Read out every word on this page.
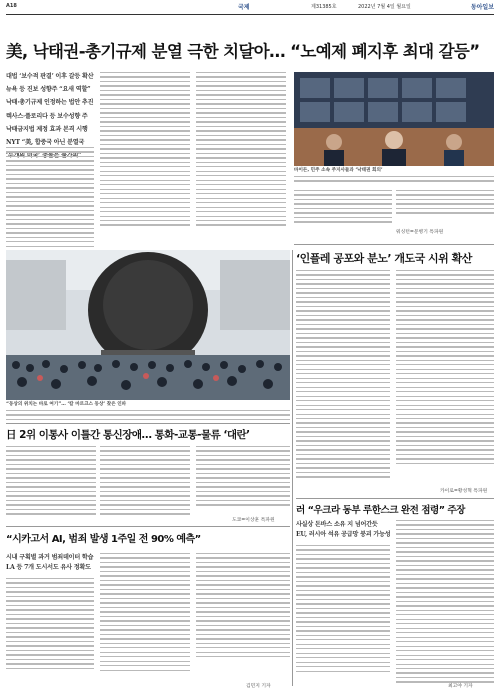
A18	국제	제31385호	2022년 7월 4일 월요일	동아일보
美, 낙태권-총기규제 분열 극한 치달아… “노예제 폐지후 최대 갈등”
대법 ‘보수적 판결’ 이후 갈등 확산
뉴욕 등 진보 성향주 “요새 역할”
낙태·총기규제 인정하는 법안 추진
텍사스·플로리다 등 보수성향 주
낙태금지법 제정 효과 본격 시행
NYT “美, 합중국 아닌 분열국
바이든, 민주 소속 주지사들과 ‘낙태권 회의’
워싱턴=문병기 특파원
“동상의 위치는 바로 여기”… ‘칼 마르크스 동상’ 찾은 인파
日 2위 이통사 이틀간 통신장애… 통화-교통-물류 ‘대란’
도쿄=이상훈 특파원
“시카고서 AI, 범죄 발생 1주일 전 90% 예측”
시내 구획별 과거 범죄데이터 학습
LA 등 7개 도시서도 유사 정확도
김민지 기자
‘인플레 공포와 분노’ 개도국 시위 확산
카이로=황성혁 특파원
러 “우크라 동부 루한스크 완전 점령” 주장
사실상 돈바스 소유 지 넘어간듯
EU, 러시아 석유 공급망 붕괴 가능성
최고야 기자
